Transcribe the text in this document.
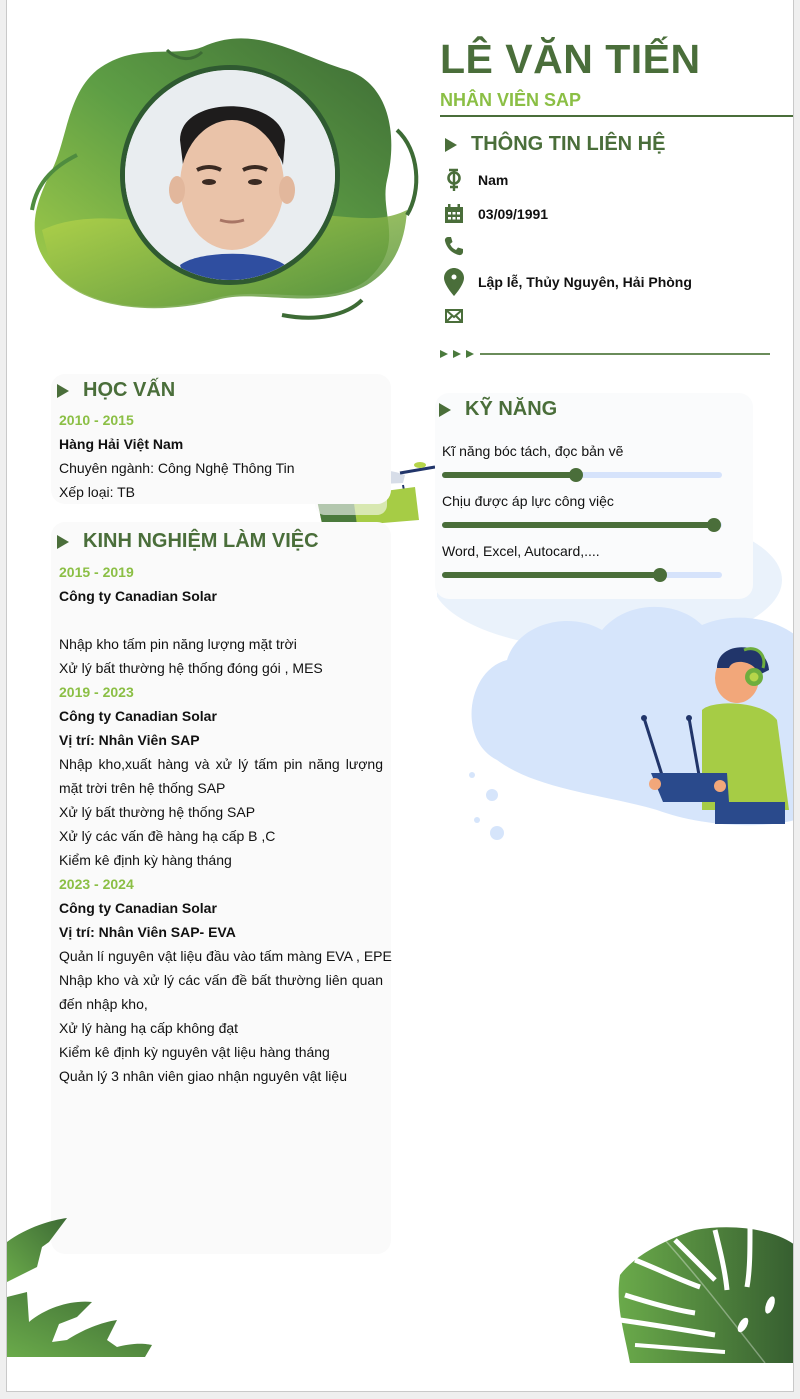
LÊ VĂN TIẾN
NHÂN VIÊN SAP
THÔNG TIN LIÊN HỆ
Nam
03/09/1991
Lập lễ, Thủy Nguyên, Hải Phòng
HỌC VẤN
2010 - 2015
Hàng Hải Việt Nam
Chuyên ngành: Công Nghệ Thông Tin
Xếp loại: TB
KINH NGHIỆM LÀM VIỆC
2015 - 2019
Công ty Canadian Solar
Nhập kho tấm pin năng lượng mặt trời
Xử lý bất thường hệ thống đóng gói , MES
2019 - 2023
Công ty Canadian Solar
Vị trí: Nhân Viên SAP
Nhập kho,xuất hàng và xử lý tấm pin năng lượng
mặt trời trên hệ thống SAP
Xử lý bất thường hệ thống SAP
Xử lý các vấn đề hàng hạ cấp B ,C
Kiểm kê định kỳ hàng tháng
2023 - 2024
Công ty Canadian Solar
Vị trí: Nhân Viên SAP- EVA
Quản lí nguyên vật liệu đầu vào tấm màng EVA , EPE
Nhập kho và xử lý các vấn đề bất thường liên quan
đến nhập kho,
Xử lý hàng hạ cấp không đạt
Kiểm kê định kỳ nguyên vật liệu hàng tháng
Quản lý 3 nhân viên giao nhận nguyên vật liệu
KỸ NĂNG
Kĩ năng bóc tách, đọc bản vẽ
Chịu được áp lực công việc
Word, Excel, Autocard,....
